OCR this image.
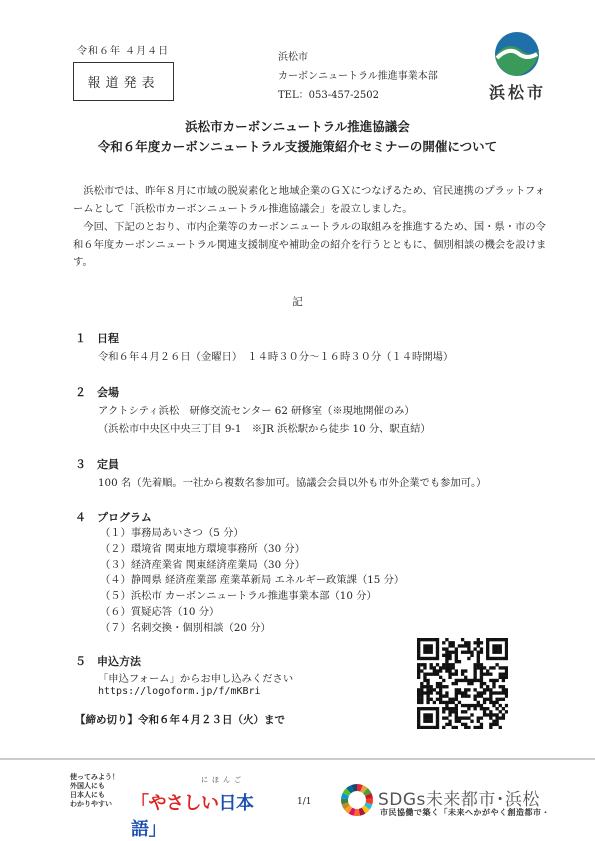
令和６年 ４月４日
報道発表
浜松市
カーボンニュートラル推進事業本部
TEL：053-457-2502	浜松市
浜松市カーボンニュートラル推進協議会
令和６年度カーボンニュートラル支援施策紹介セミナーの開催について
浜松市では、昨年８月に市域の脱炭素化と地域企業のＧＸにつなげるため、官民連携のプラットフォームとして「浜松市カーボンニュートラル推進協議会」を設立しました。
今回、下記のとおり、市内企業等のカーボンニュートラルの取組みを推進するため、国・県・市の令和６年度カーボンニュートラル関連支援制度や補助金の紹介を行うとともに、個別相談の機会を設けます。
記
１ 日程
令和６年４月２６日（金曜日）　１４時３０分～１６時３０分（１４時開場）
２ 会場
アクトシティ浜松　研修交流センター 62 研修室（※現地開催のみ）
（浜松市中央区中央三丁目 9-1　※JR 浜松駅から徒歩 10 分、駅直結）
３ 定員
100 名（先着順。一社から複数名参加可。協議会会員以外も市外企業でも参加可。）
４ プログラム
（１）事務局あいさつ（5 分）
（２）環境省 関東地方環境事務所（30 分）
（３）経済産業省 関東経済産業局（30 分）
（４）静岡県 経済産業部 産業革新局 エネルギー政策課（15 分）
（５）浜松市 カーボンニュートラル推進事業本部（10 分）
（６）質疑応答（10 分）
（７）名刺交換・個別相談（20 分）
５ 申込方法
「申込フォーム」からお申し込みください
https://logoform.jp/f/mKBri
【締め切り】令和６年４月２３日（火）まで
使ってみよう！
外国人にも
日本人にも
わかりやすい
にほんご
「やさしい日本語」
1/1	SDGs未来都市･浜松
市民協働で築く「未来へかがやく創造都市・
